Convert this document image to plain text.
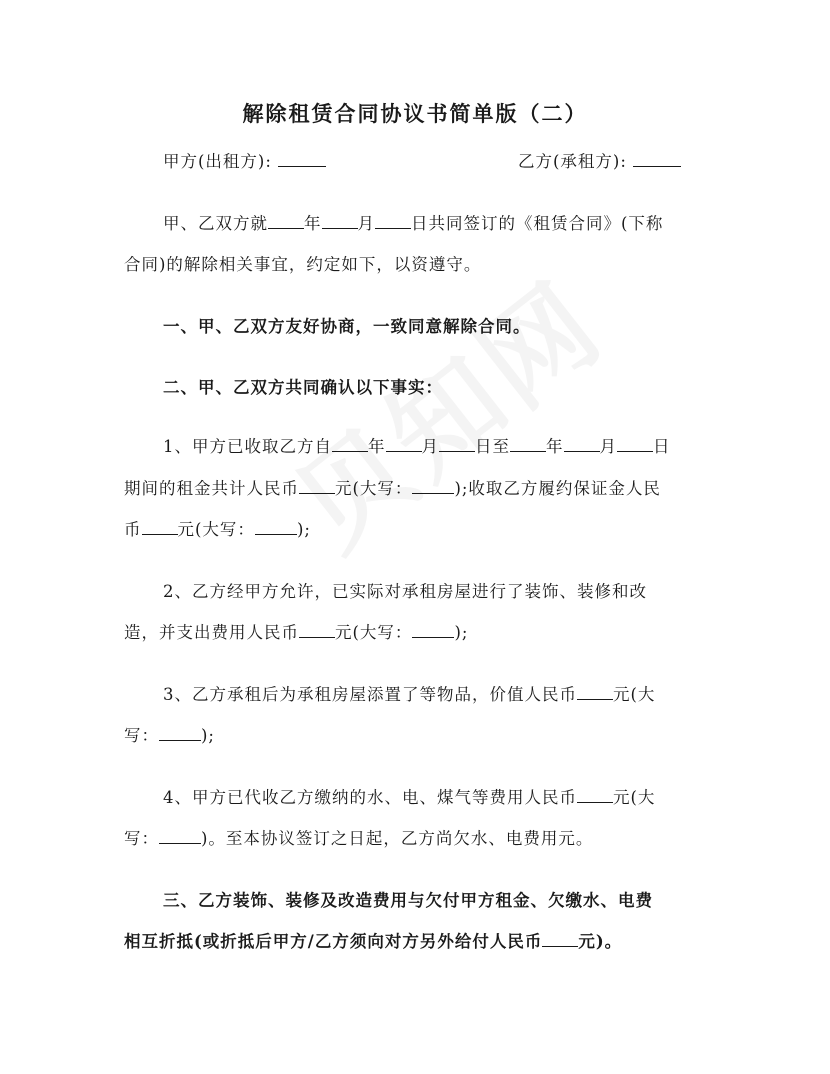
解除租赁合同协议书简单版（二）
甲方(出租方):	乙方(承租方):
甲、乙双方就 年 月 日共同签订的《租赁合同》(下称
合同)的解除相关事宜，约定如下，以资遵守。
一、甲、乙双方友好协商，一致同意解除合同。
二、甲、乙双方共同确认以下事实：
1、甲方已收取乙方自 年 月 日至 年 月 日
期间的租金共计人民币 元(大写：	);收取乙方履约保证金人民
币 元(大写：	);
2、乙方经甲方允许，已实际对承租房屋进行了装饰、装修和改
造，并支出费用人民币 元(大写：	);
3、乙方承租后为承租房屋添置了等物品，价值人民币 元(大
写：	);
4、甲方已代收乙方缴纳的水、电、煤气等费用人民币 元(大
写：	)。至本协议签订之日起，乙方尚欠水、电费用元。
三、乙方装饰、装修及改造费用与欠付甲方租金、欠缴水、电费
相互折抵(或折抵后甲方/乙方须向对方另外给付人民币 元)。
